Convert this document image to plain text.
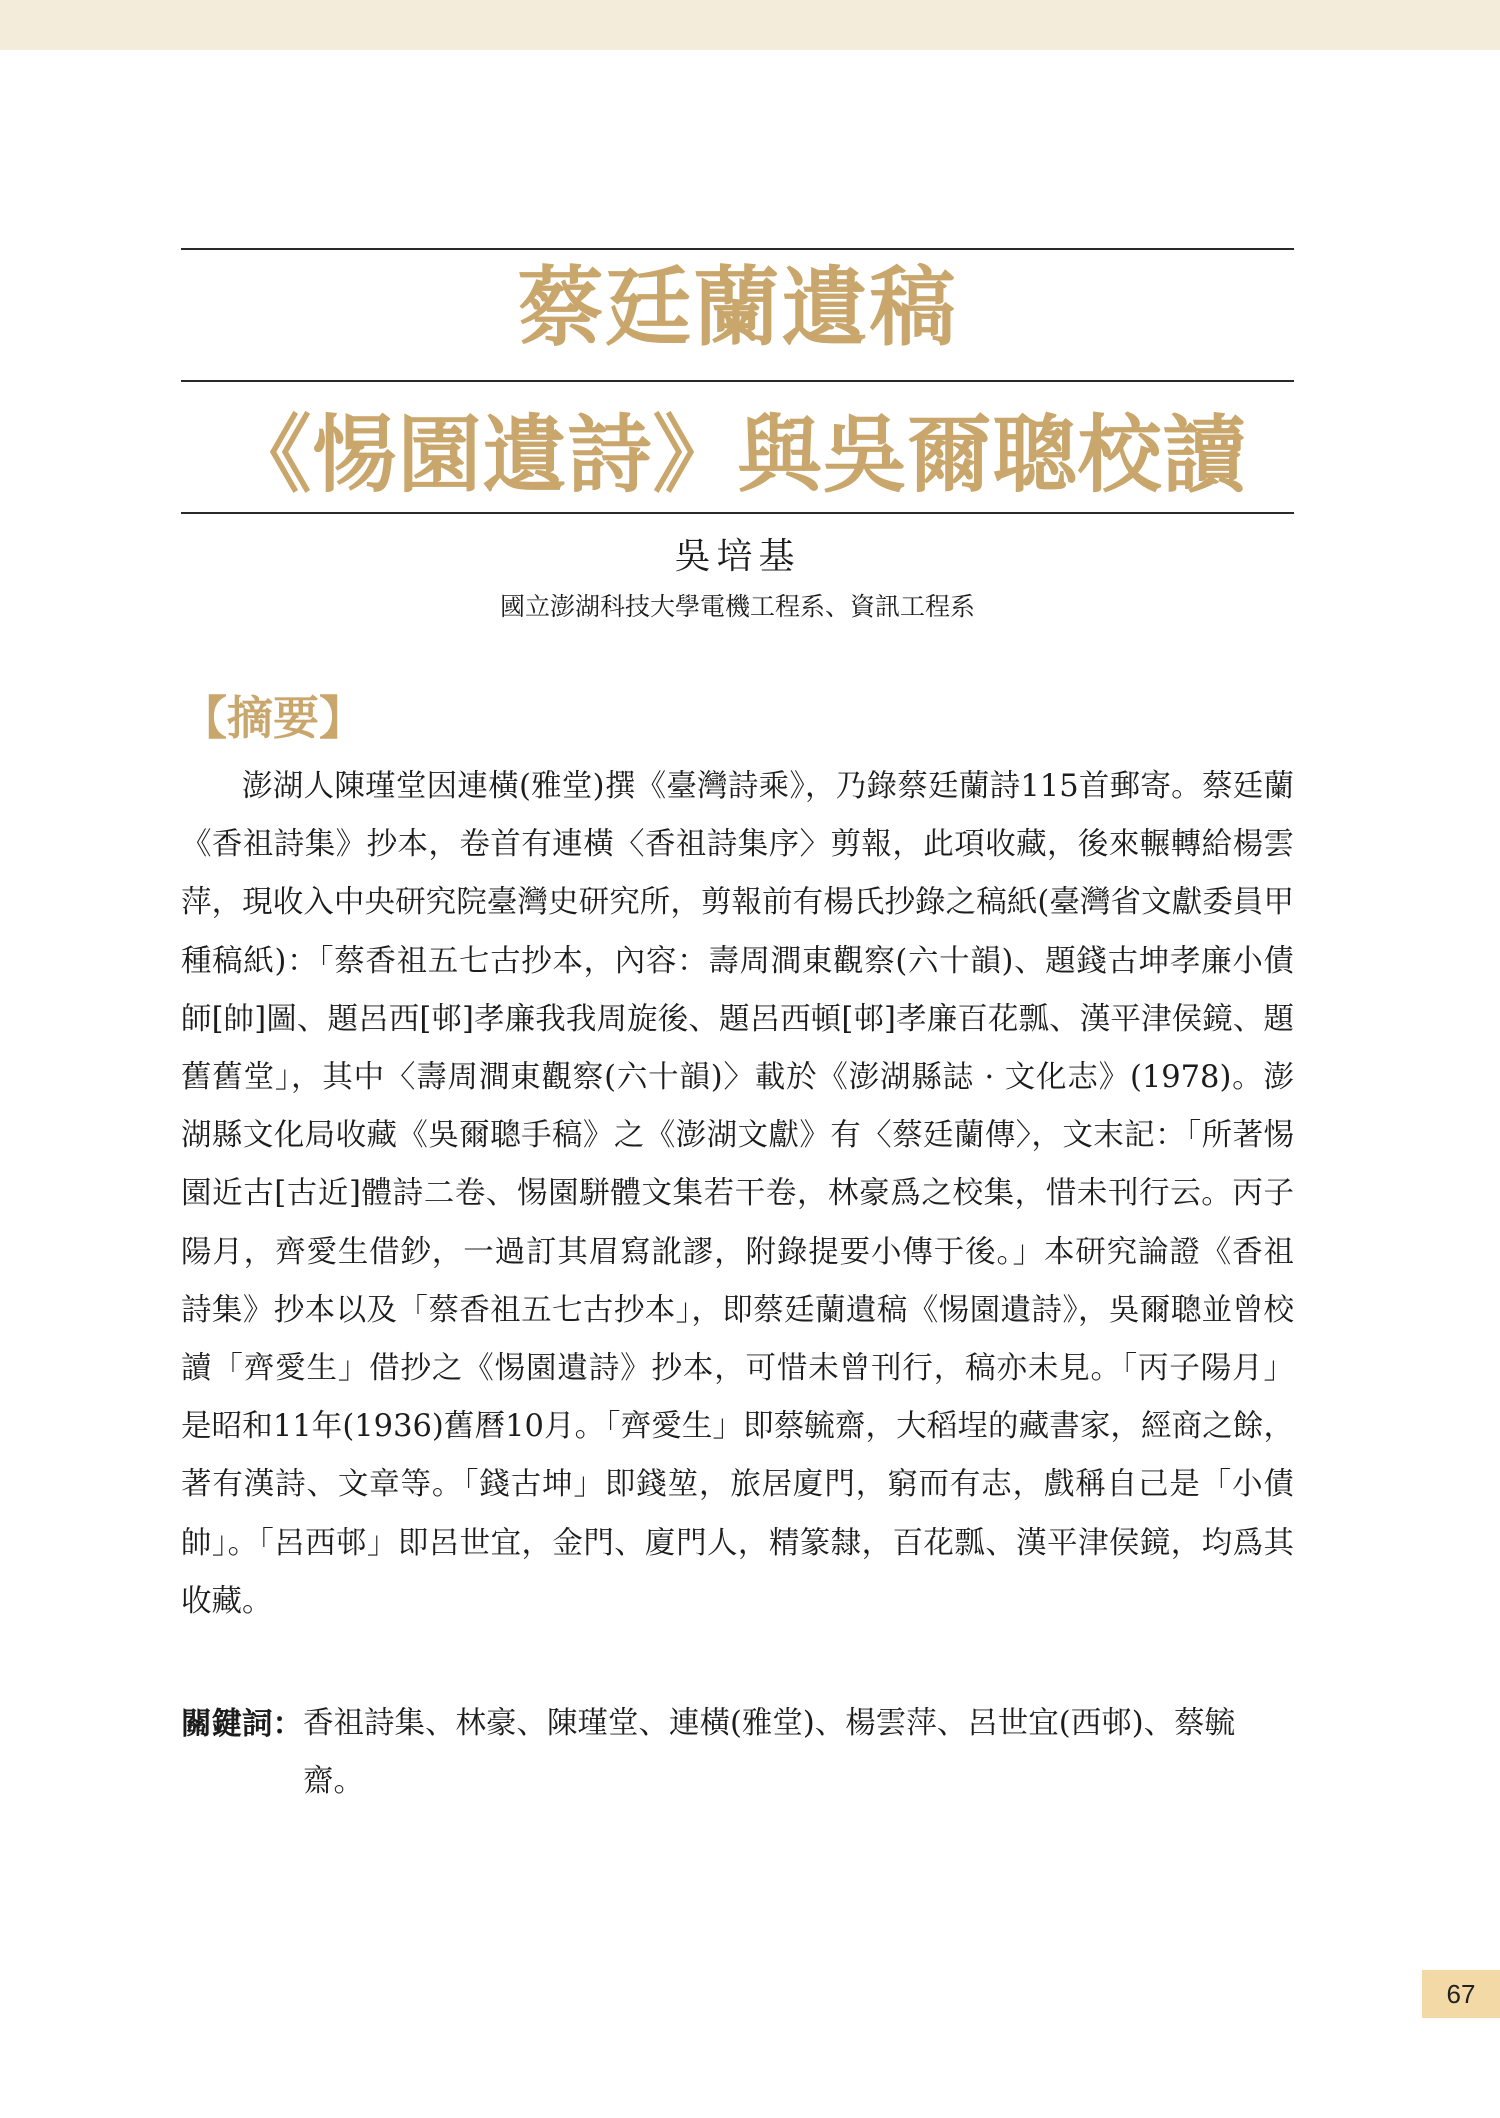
蔡廷蘭遺稿
《惕園遺詩》與吳爾聰校讀
吳培基
國立澎湖科技大學電機工程系、資訊工程系
【摘要】

澎湖人陳瑾堂因連橫(雅堂)撰《臺灣詩乘》，乃錄蔡廷蘭詩115首郵寄。蔡廷蘭《香祖詩集》抄本，卷首有連橫〈香祖詩集序〉剪報，此項收藏，後來輾轉給楊雲萍，現收入中央研究院臺灣史研究所，剪報前有楊氏抄錄之稿紙(臺灣省文獻委員甲種稿紙)：「蔡香祖五七古抄本，內容：壽周澗東觀察(六十韻)、題錢古坤孝廉小債師[帥]圖、題呂西[邨]孝廉我我周旋後、題呂西頓[邨]孝廉百花瓢、漢平津侯鏡、題舊舊堂」，其中〈壽周澗東觀察(六十韻)〉載於《澎湖縣誌 · 文化志》(1978)。澎湖縣文化局收藏《吳爾聰手稿》之《澎湖文獻》有〈蔡廷蘭傳〉，文末記：「所著惕園近古[古近]體詩二卷、惕園駢體文集若干卷，林豪爲之校集，惜未刊行云。丙子陽月，齊愛生借鈔，一過訂其眉寫訛謬，附錄提要小傳于後。」本研究論證《香祖詩集》抄本以及「蔡香祖五七古抄本」，即蔡廷蘭遺稿《惕園遺詩》，吳爾聰並曾校讀「齊愛生」借抄之《惕園遺詩》抄本，可惜未曾刊行，稿亦未見。「丙子陽月」是昭和11年(1936)舊曆10月。「齊愛生」即蔡毓齋，大稻埕的藏書家，經商之餘，著有漢詩、文章等。「錢古坤」即錢堃，旅居廈門，窮而有志，戲稱自己是「小債帥」。「呂西邨」即呂世宜，金門、廈門人，精篆隸，百花瓢、漢平津侯鏡，均爲其收藏。

關鍵詞： 香祖詩集、林豪、陳瑾堂、連橫(雅堂)、楊雲萍、呂世宜(西邨)、蔡毓齋。
67
